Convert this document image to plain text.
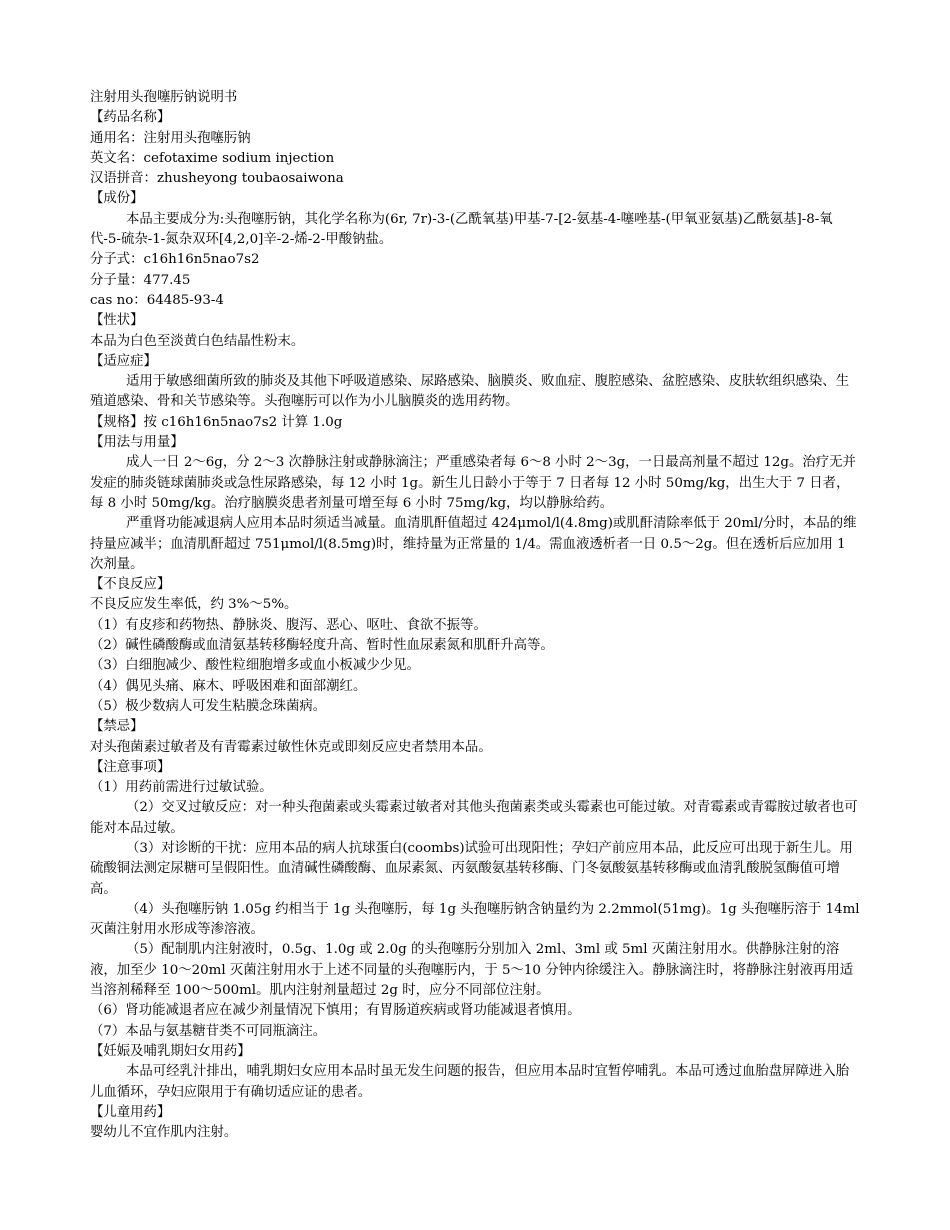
注射用头孢噻肟钠说明书

【药品名称】

通用名：注射用头孢噻肟钠

英文名：cefotaxime sodium injection

汉语拼音：zhusheyong toubaosaiwona

【成份】

本品主要成分为:头孢噻肟钠，其化学名称为(6r, 7r)-3-(乙酰氧基)甲基-7-[2-氨基-4-噻唑基-(甲氧亚氨基)乙酰氨基]-8-氧代-5-硫杂-1-氮杂双环[4,2,0]辛-2-烯-2-甲酸钠盐。

分子式：c16h16n5nao7s2

分子量：477.45

cas no：64485-93-4

【性状】

本品为白色至淡黄白色结晶性粉末。

【适应症】

适用于敏感细菌所致的肺炎及其他下呼吸道感染、尿路感染、脑膜炎、败血症、腹腔感染、盆腔感染、皮肤软组织感染、生殖道感染、骨和关节感染等。头孢噻肟可以作为小儿脑膜炎的选用药物。

【规格】按 c16h16n5nao7s2 计算 1.0g

【用法与用量】

成人一日 2～6g，分 2～3 次静脉注射或静脉滴注；严重感染者每 6～8 小时 2～3g，一日最高剂量不超过 12g。治疗无并发症的肺炎链球菌肺炎或急性尿路感染，每 12 小时 1g。新生儿日龄小于等于 7 日者每 12 小时 50mg/kg，出生大于 7 日者，每 8 小时 50mg/kg。治疗脑膜炎患者剂量可增至每 6 小时 75mg/kg，均以静脉给药。

严重肾功能减退病人应用本品时须适当减量。血清肌酐值超过 424μmol/l(4.8mg)或肌酐清除率低于 20ml/分时，本品的维持量应减半；血清肌酐超过 751μmol/l(8.5mg)时，维持量为正常量的 1/4。需血液透析者一日 0.5～2g。但在透析后应加用 1 次剂量。

【不良反应】

不良反应发生率低，约 3%～5%。

（1）有皮疹和药物热、静脉炎、腹泻、恶心、呕吐、食欲不振等。

（2）碱性磷酸酶或血清氨基转移酶轻度升高、暂时性血尿素氮和肌酐升高等。

（3）白细胞减少、酸性粒细胞增多或血小板减少少见。

（4）偶见头痛、麻木、呼吸困难和面部潮红。

（5）极少数病人可发生粘膜念珠菌病。

【禁忌】

对头孢菌素过敏者及有青霉素过敏性休克或即刻反应史者禁用本品。

【注意事项】

（1）用药前需进行过敏试验。

（2）交叉过敏反应：对一种头孢菌素或头霉素过敏者对其他头孢菌素类或头霉素也可能过敏。对青霉素或青霉胺过敏者也可能对本品过敏。

（3）对诊断的干扰：应用本品的病人抗球蛋白(coombs)试验可出现阳性；孕妇产前应用本品，此反应可出现于新生儿。用硫酸铜法测定尿糖可呈假阳性。血清碱性磷酸酶、血尿素氮、丙氨酸氨基转移酶、门冬氨酸氨基转移酶或血清乳酸脱氢酶值可增高。

（4）头孢噻肟钠 1.05g 约相当于 1g 头孢噻肟，每 1g 头孢噻肟钠含钠量约为 2.2mmol(51mg)。1g 头孢噻肟溶于 14ml 灭菌注射用水形成等渗溶液。

（5）配制肌内注射液时，0.5g、1.0g 或 2.0g 的头孢噻肟分别加入 2ml、3ml 或 5ml 灭菌注射用水。供静脉注射的溶液，加至少 10～20ml 灭菌注射用水于上述不同量的头孢噻肟内，于 5～10 分钟内徐缓注入。静脉滴注时，将静脉注射液再用适当溶剂稀释至 100～500ml。肌内注射剂量超过 2g 时，应分不同部位注射。

（6）肾功能减退者应在减少剂量情况下慎用；有胃肠道疾病或肾功能减退者慎用。

（7）本品与氨基糖苷类不可同瓶滴注。

【妊娠及哺乳期妇女用药】

本品可经乳汁排出，哺乳期妇女应用本品时虽无发生问题的报告，但应用本品时宜暂停哺乳。本品可透过血胎盘屏障进入胎儿血循环，孕妇应限用于有确切适应证的患者。

【儿童用药】

婴幼儿不宜作肌内注射。
